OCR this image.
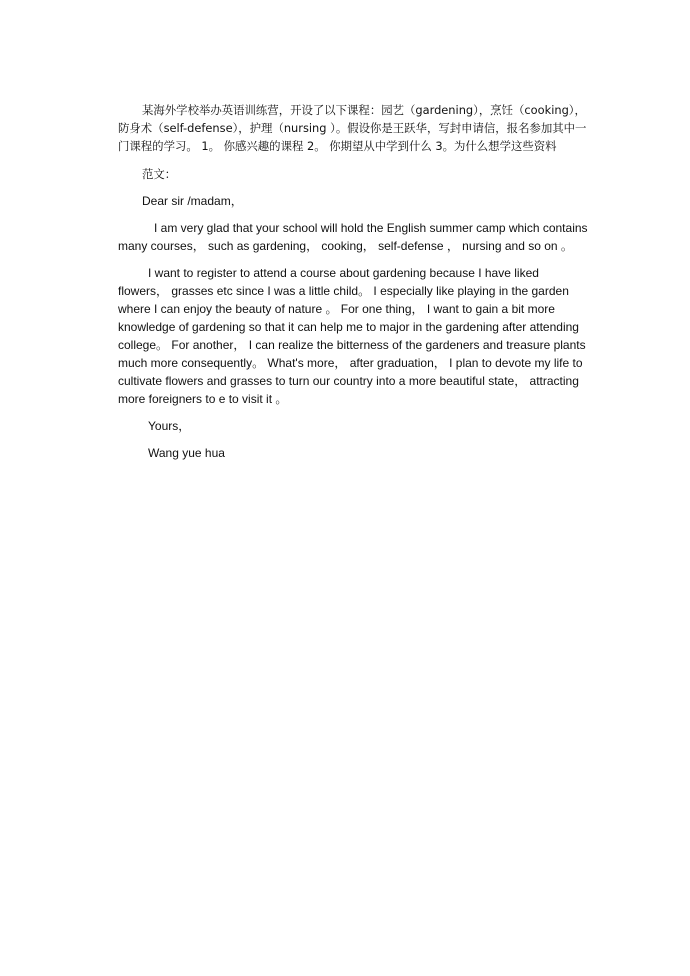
某海外学校举办英语训练营，开设了以下课程：园艺（gardening），烹饪（cooking），防身术（self-defense），护理（nursing ）。假设你是王跃华，写封申请信，报名参加其中一门课程的学习。 1。 你感兴趣的课程 2。 你期望从中学到什么 3。为什么想学这些资料

范文：

Dear sir /madam，

I am very glad that your school will hold the English summer camp which contains many courses， such as gardening， cooking， self-defense ， nursing and so on 。

I want to register to attend a course about gardening because I have liked flowers， grasses etc since I was a little child。 I especially like playing in the garden where I can enjoy the beauty of nature 。 For one thing， I want to gain a bit more knowledge of gardening so that it can help me to major in the gardening after attending college。 For another， I can realize the bitterness of the gardeners and treasure plants much more consequently。 What's more， after graduation， I plan to devote my life to cultivate flowers and grasses to turn our country into a more beautiful state， attracting more foreigners to e to visit it 。

Yours，

Wang yue hua
